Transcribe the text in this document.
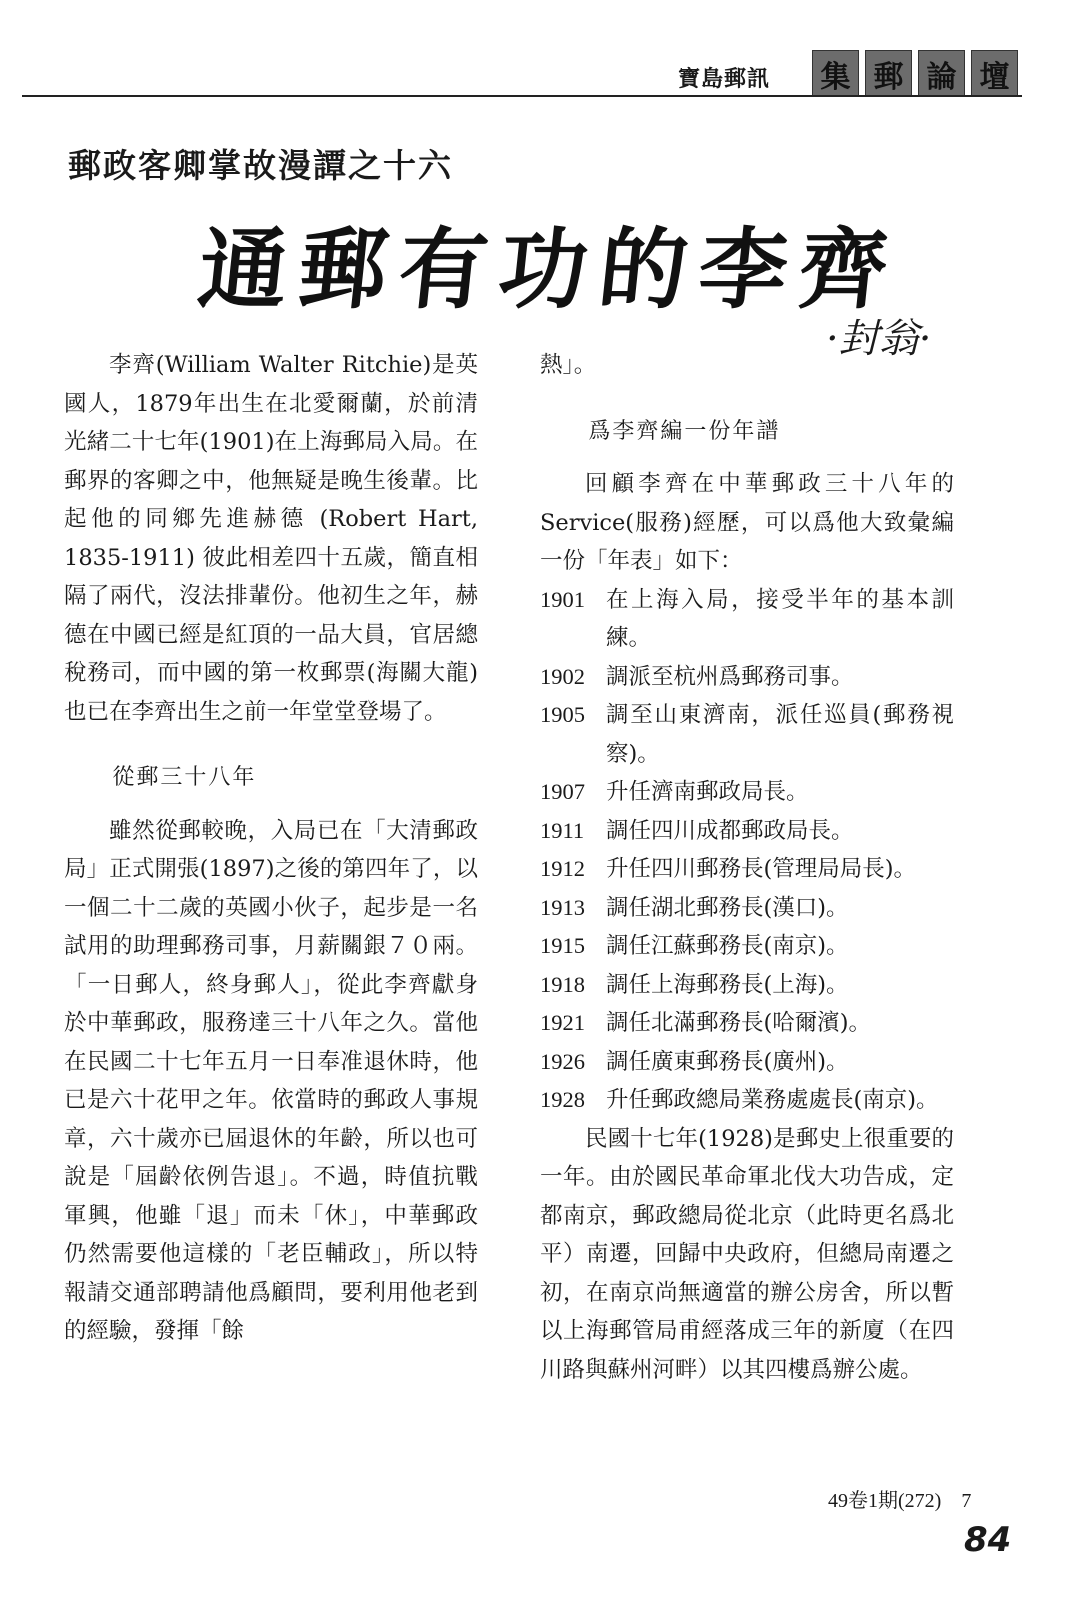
寶島郵訊 集 郵 論 壇
郵政客卿掌故漫譚之十六
通郵有功的李齊
·封翁·

李齊(William Walter Ritchie)是英國人，1879年出生在北愛爾蘭，於前清光緒二十七年(1901)在上海郵局入局。在郵界的客卿之中，他無疑是晚生後輩。比起他的同鄉先進赫德 (Robert Hart, 1835-1911) 彼此相差四十五歲，簡直相隔了兩代，沒法排輩份。他初生之年，赫德在中國已經是紅頂的一品大員，官居總稅務司，而中國的第一枚郵票(海關大龍)也已在李齊出生之前一年堂堂登場了。

從郵三十八年

雖然從郵較晚，入局已在「大清郵政局」正式開張(1897)之後的第四年了，以一個二十二歲的英國小伙子，起步是一名試用的助理郵務司事，月薪關銀７０兩。「一日郵人，終身郵人」，從此李齊獻身於中華郵政，服務達三十八年之久。當他在民國二十七年五月一日奉准退休時，他已是六十花甲之年。依當時的郵政人事規章，六十歲亦已屆退休的年齡，所以也可說是「屆齡依例告退」。不過，時值抗戰軍興，他雖「退」而未「休」，中華郵政仍然需要他這樣的「老臣輔政」，所以特報請交通部聘請他爲顧問，要利用他老到的經驗，發揮「餘

熱」。

爲李齊編一份年譜

回顧李齊在中華郵政三十八年的Service(服務)經歷，可以爲他大致彙編一份「年表」如下：

1901 在上海入局，接受半年的基本訓練。
1902 調派至杭州爲郵務司事。
1905 調至山東濟南，派任巡員(郵務視察)。
1907 升任濟南郵政局長。
1911 調任四川成都郵政局長。
1912 升任四川郵務長(管理局局長)。
1913 調任湖北郵務長(漢口)。
1915 調任江蘇郵務長(南京)。
1918 調任上海郵務長(上海)。
1921 調任北滿郵務長(哈爾濱)。
1926 調任廣東郵務長(廣州)。
1928 升任郵政總局業務處處長(南京)。

民國十七年(1928)是郵史上很重要的一年。由於國民革命軍北伐大功告成，定都南京，郵政總局從北京（此時更名爲北平）南遷，回歸中央政府，但總局南遷之初，在南京尚無適當的辦公房舍，所以暫以上海郵管局甫經落成三年的新廈（在四川路與蘇州河畔）以其四樓爲辦公處。

49卷1期(272)　7
84
